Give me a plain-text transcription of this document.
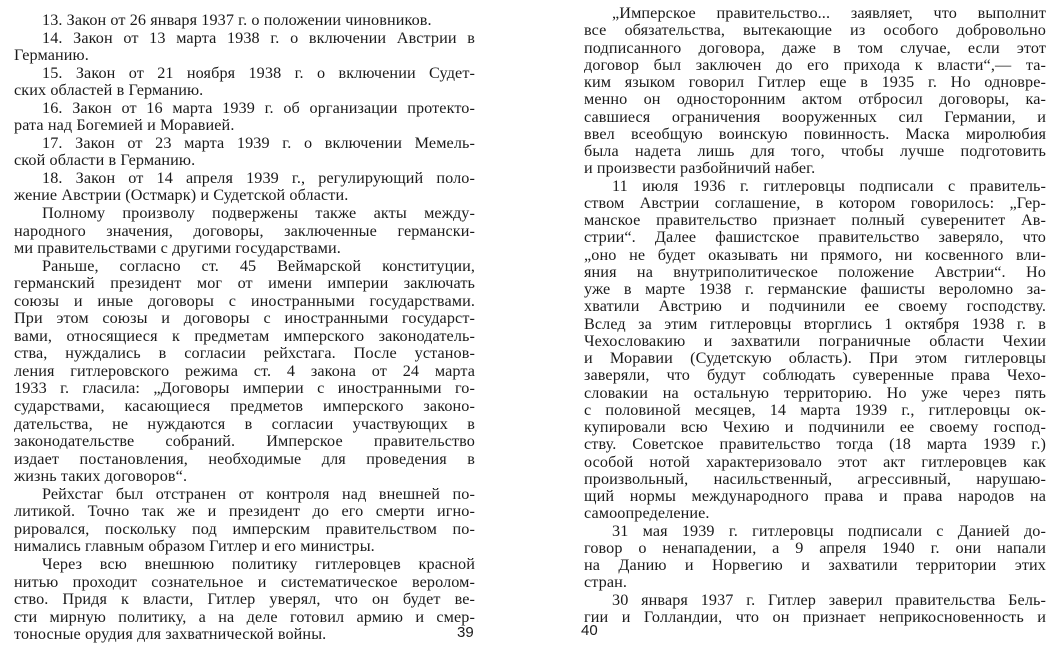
13. Закон от 26 января 1937 г. о положении чиновников.
14. Закон от 13 марта 1938 г. о включении Австрии в
Германию.
15. Закон от 21 ноября 1938 г. о включении Судет-
ских областей в Германию.
16. Закон от 16 марта 1939 г. об организации протекто-
рата над Богемией и Моравией.
17. Закон от 23 марта 1939 г. о включении Мемель-
ской области в Германию.
18. Закон от 14 апреля 1939 г., регулирующий поло-
жение Австрии (Остмарк) и Судетской области.
Полному произволу подвержены также акты между-
народного значения, договоры, заключенные германски-
ми правительствами с другими государствами.
Раньше, согласно ст. 45 Веймарской конституции,
германский президент мог от имени империи заключать
союзы и иные договоры с иностранными государствами.
При этом союзы и договоры с иностранными государст-
вами, относящиеся к предметам имперского законодатель-
ства, нуждались в согласии рейхстага. После установ-
ления гитлеровского режима ст. 4 закона от 24 марта
1933 г. гласила: „Договоры империи с иностранными го-
сударствами, касающиеся предметов имперского законо-
дательства, не нуждаются в согласии участвующих в
законодательстве собраний. Имперское правительство
издает постановления, необходимые для проведения в
жизнь таких договоров“.
Рейхстаг был отстранен от контроля над внешней по-
литикой. Точно так же и президент до его смерти игно-
рировался, поскольку под имперским правительством по-
нимались главным образом Гитлер и его министры.
Через всю внешнюю политику гитлеровцев красной
нитью проходит сознательное и систематическое веролом-
ство. Придя к власти, Гитлер уверял, что он будет ве-
сти мирную политику, а на деле готовил армию и смер-
тоносные орудия для захватнической войны.	39
„Имперское правительство... заявляет, что выполнит
все обязательства, вытекающие из особого добровольно
подписанного договора, даже в том случае, если этот
договор был заключен до его прихода к власти“,— та-
ким языком говорил Гитлер еще в 1935 г. Но одновре-
менно он односторонним актом отбросил договоры, ка-
савшиеся ограничения вооруженных сил Германии, и
ввел всеобщую воинскую повинность. Маска миролюбия
была надета лишь для того, чтобы лучше подготовить
и произвести разбойничий набег.
11 июля 1936 г. гитлеровцы подписали с правитель-
ством Австрии соглашение, в котором говорилось: „Гер-
манское правительство признает полный суверенитет Ав-
стрии“. Далее фашистское правительство заверяло, что
„оно не будет оказывать ни прямого, ни косвенного вли-
яния на внутриполитическое положение Австрии“. Но
уже в марте 1938 г. германские фашисты вероломно за-
хватили Австрию и подчинили ее своему господству.
Вслед за этим гитлеровцы вторглись 1 октября 1938 г. в
Чехословакию и захватили пограничные области Чехии
и Моравии (Судетскую область). При этом гитлеровцы
заверяли, что будут соблюдать суверенные права Чехо-
словакии на остальную территорию. Но уже через пять
с половиной месяцев, 14 марта 1939 г., гитлеровцы ок-
купировали всю Чехию и подчинили ее своему господ-
ству. Советское правительство тогда (18 марта 1939 г.)
особой нотой характеризовало этот акт гитлеровцев как
произвольный, насильственный, агрессивный, нарушаю-
щий нормы международного права и права народов на
самоопределение.
31 мая 1939 г. гитлеровцы подписали с Данией до-
говор о ненападении, а 9 апреля 1940 г. они напали
на Данию и Норвегию и захватили территории этих
стран.
30 января 1937 г. Гитлер заверил правительства Бель-
гии и Голландии, что он признает неприкосновенность и
40
